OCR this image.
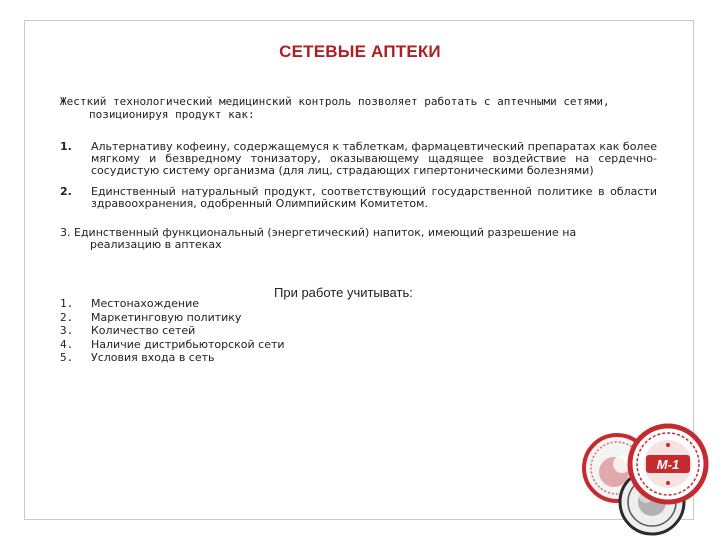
СЕТЕВЫЕ АПТЕКИ
Жесткий технологический медицинский контроль позволяет работать с аптечными сетями,
позиционируя продукт как:
1. Альтернативу кофеину, содержащемуся к таблеткам, фармацевтический препаратах как более мягкому и безвредному тонизатору, оказывающему щадящее воздействие на сердечно-сосудистую систему организма (для лиц, страдающих гипертоническими болезнями)
2. Единственный натуральный продукт, соответствующий государственной политике в области здравоохранения, одобренный Олимпийским Комитетом.
3. Единственный функциональный (энергетический) напиток, имеющий разрешение на
реализацию в аптеках
При работе учитывать:
1. Местонахождение
2. Маркетинговую политику
3. Количество сетей
4. Наличие дистрибьюторской сети
5. Условия входа в сеть
M-1
